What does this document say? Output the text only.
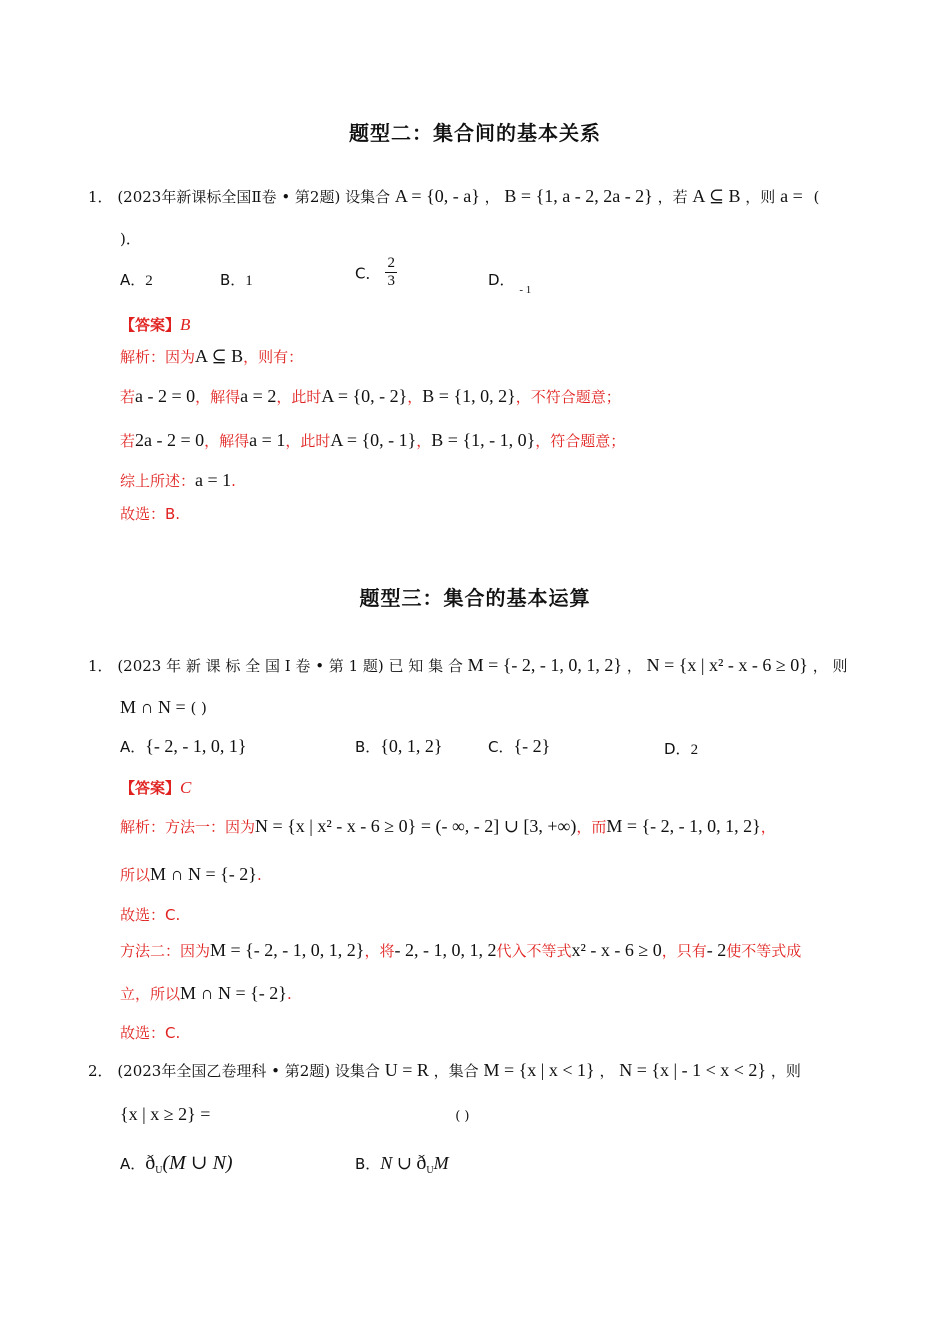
题型二：集合间的基本关系
1． (2023年新课标全国Ⅱ卷 • 第2题) 设集合 A = {0, - a} ， B = {1, a - 2, 2a - 2} ，若 A ⊆ B ，则 a = (
)．
A．2	B．1	C． $\frac{2}{3}$	D． $_{- 1}$
【答案】B
解析：因为A ⊆ B，则有：
若a - 2 = 0，解得a = 2，此时A = {0, - 2}，B = {1, 0, 2}，不符合题意；
若2a - 2 = 0，解得a = 1，此时A = {0, - 1}，B = {1, - 1, 0}，符合题意；
综上所述：a = 1.
故选：B.
题型三：集合的基本运算
1． (2023 年 新 课 标 全 国 Ⅰ 卷 • 第 1 题) 已 知 集 合 M = {- 2, - 1, 0, 1, 2} ， N = {x | x² - x - 6 ≥ 0} ， 则
M ∩ N = ( )
A．{- 2, - 1, 0, 1}	B．{0, 1, 2}	C．{- 2}	D．2
【答案】C
解析：方法一：因为N = {x | x² - x - 6 ≥ 0} = (- ∞, - 2] ∪ [3, +∞)，而M = {- 2, - 1, 0, 1, 2}，
所以M ∩ N = {- 2}.
故选：C.
方法二：因为M = {- 2, - 1, 0, 1, 2}，将- 2, - 1, 0, 1, 2代入不等式x² - x - 6 ≥ 0，只有- 2使不等式成
立，所以M ∩ N = {- 2}.
故选：C.
2． (2023年全国乙卷理科 • 第2题) 设集合 U = R ，集合 M = {x | x < 1} ， N = {x | - 1 < x < 2} ，则
{x | x ≥ 2} =	( )
A．$ð_U(M$ ∪ N)	B．N ∪ $ð_UM$
